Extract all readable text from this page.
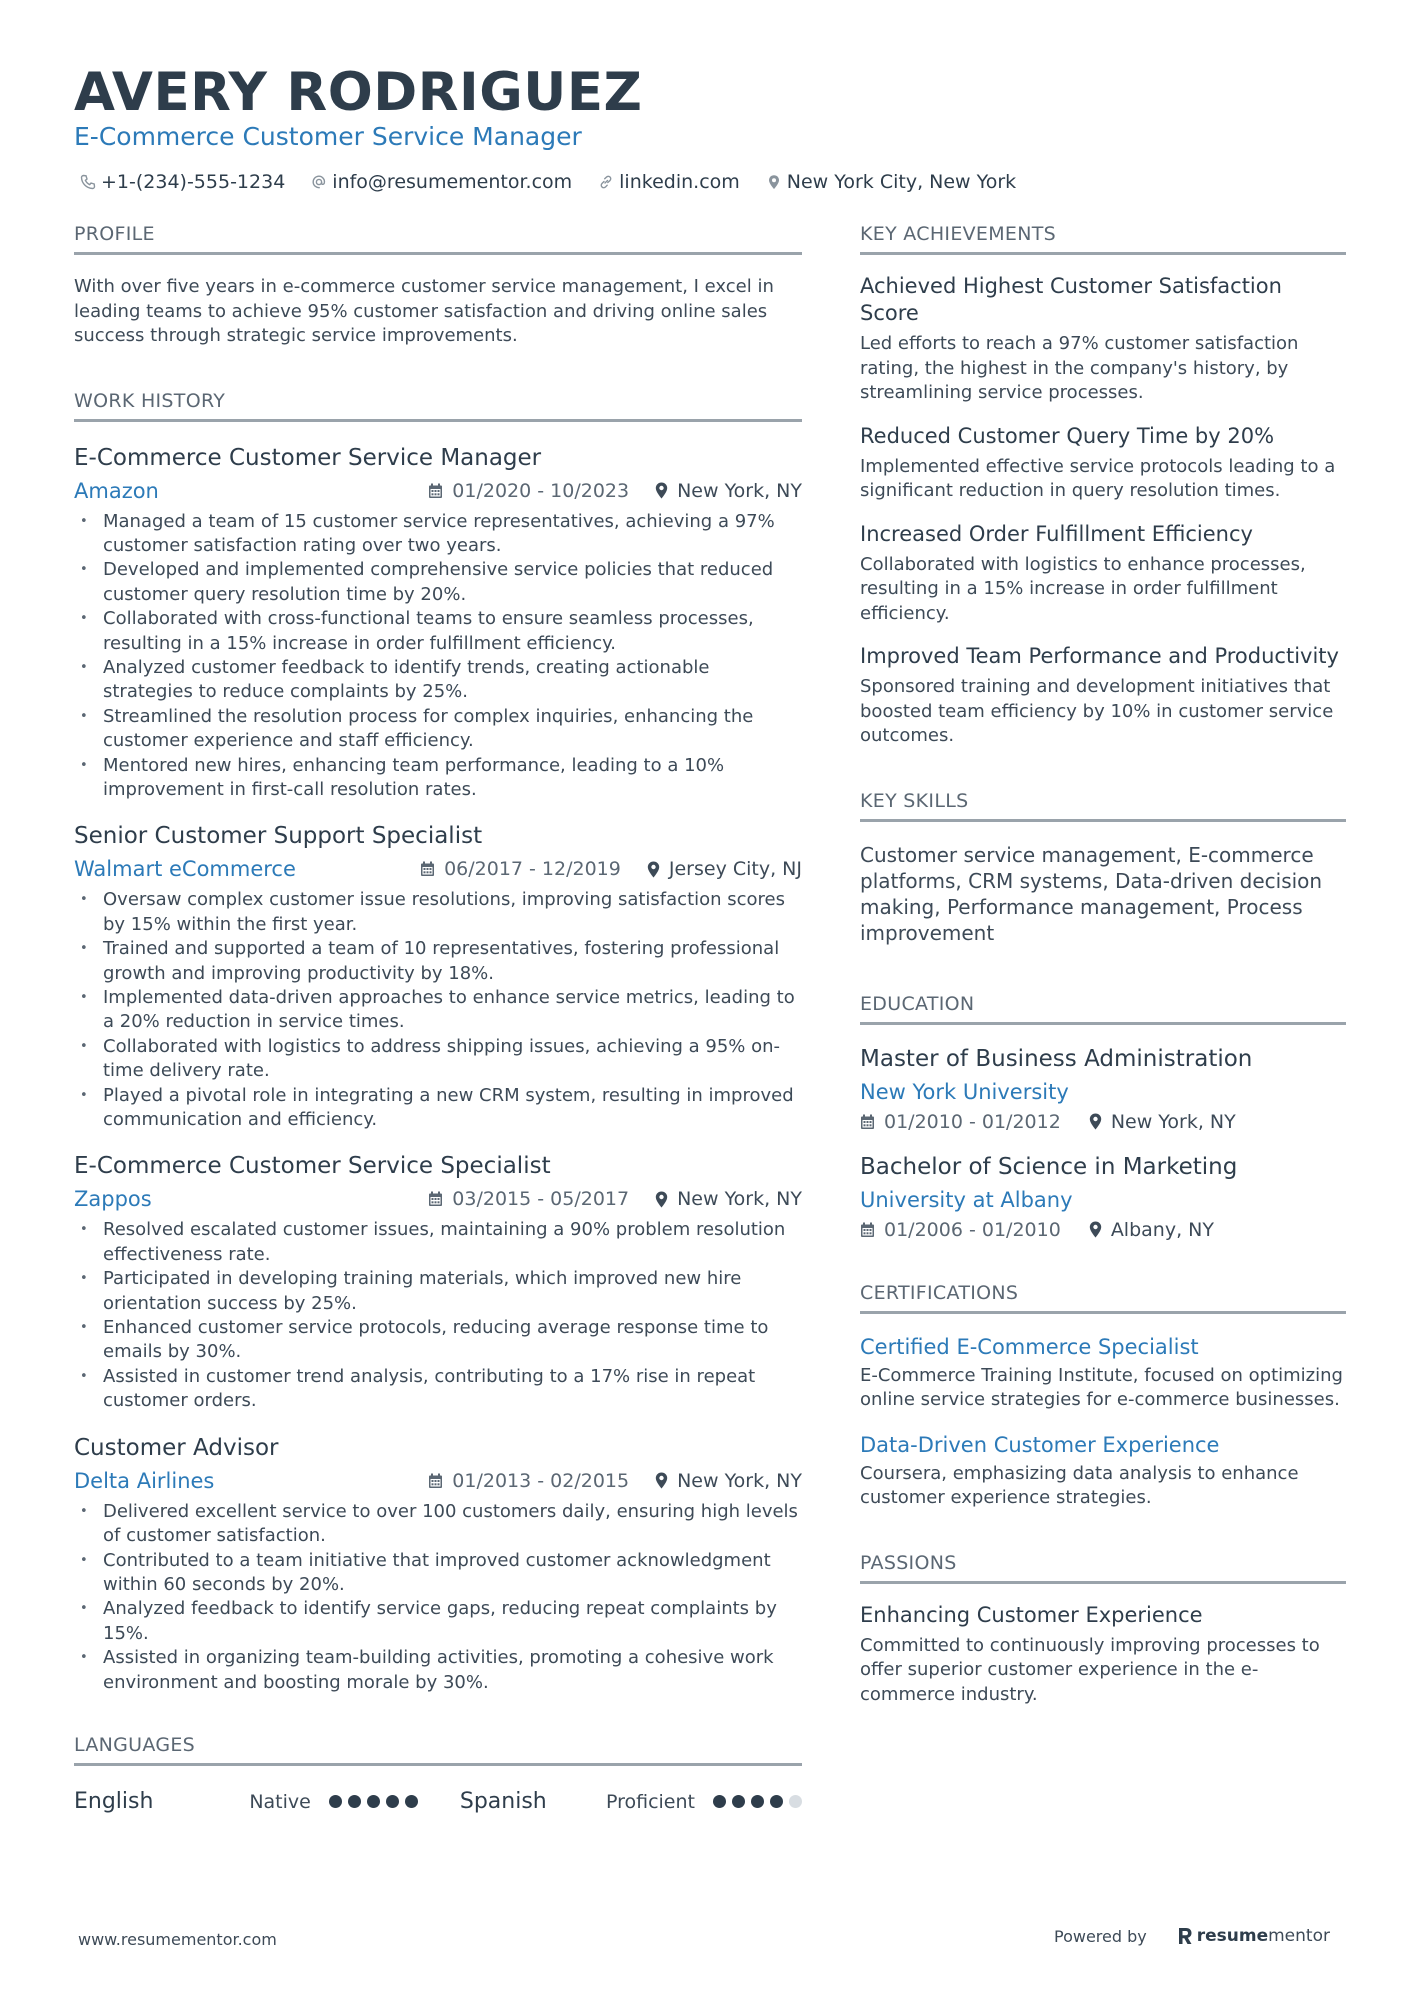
AVERY RODRIGUEZ
E-Commerce Customer Service Manager
+1-(234)-555-1234 info@resumementor.com linkedin.com New York City, New York
PROFILE

With over five years in e-commerce customer service management, I excel in leading teams to achieve 95% customer satisfaction and driving online sales success through strategic service improvements.

WORK HISTORY
E-Commerce Customer Service Manager
Amazon	01/2020 - 10/2023	New York, NY
• Managed a team of 15 customer service representatives, achieving a 97% customer satisfaction rating over two years.
• Developed and implemented comprehensive service policies that reduced customer query resolution time by 20%.
• Collaborated with cross-functional teams to ensure seamless processes, resulting in a 15% increase in order fulfillment efficiency.
• Analyzed customer feedback to identify trends, creating actionable strategies to reduce complaints by 25%.
• Streamlined the resolution process for complex inquiries, enhancing the customer experience and staff efficiency.
• Mentored new hires, enhancing team performance, leading to a 10% improvement in first-call resolution rates.
Senior Customer Support Specialist
Walmart eCommerce	06/2017 - 12/2019	Jersey City, NJ
• Oversaw complex customer issue resolutions, improving satisfaction scores by 15% within the first year.
• Trained and supported a team of 10 representatives, fostering professional growth and improving productivity by 18%.
• Implemented data-driven approaches to enhance service metrics, leading to a 20% reduction in service times.
• Collaborated with logistics to address shipping issues, achieving a 95% on-time delivery rate.
• Played a pivotal role in integrating a new CRM system, resulting in improved communication and efficiency.
E-Commerce Customer Service Specialist
Zappos	03/2015 - 05/2017	New York, NY
• Resolved escalated customer issues, maintaining a 90% problem resolution effectiveness rate.
• Participated in developing training materials, which improved new hire orientation success by 25%.
• Enhanced customer service protocols, reducing average response time to emails by 30%.
• Assisted in customer trend analysis, contributing to a 17% rise in repeat customer orders.
Customer Advisor
Delta Airlines	01/2013 - 02/2015	New York, NY
• Delivered excellent service to over 100 customers daily, ensuring high levels of customer satisfaction.
• Contributed to a team initiative that improved customer acknowledgment within 60 seconds by 20%.
• Analyzed feedback to identify service gaps, reducing repeat complaints by 15%.
• Assisted in organizing team-building activities, promoting a cohesive work environment and boosting morale by 30%.
LANGUAGES
English	Native	Spanish	Proficient
KEY ACHIEVEMENTS
Achieved Highest Customer Satisfaction Score
Led efforts to reach a 97% customer satisfaction rating, the highest in the company's history, by streamlining service processes.
Reduced Customer Query Time by 20%
Implemented effective service protocols leading to a significant reduction in query resolution times.
Increased Order Fulfillment Efficiency
Collaborated with logistics to enhance processes, resulting in a 15% increase in order fulfillment efficiency.
Improved Team Performance and Productivity
Sponsored training and development initiatives that boosted team efficiency by 10% in customer service outcomes.
KEY SKILLS

Customer service management, E-commerce platforms, CRM systems, Data-driven decision making, Performance management, Process improvement

EDUCATION
Master of Business Administration
New York University
01/2010 - 01/2012	New York, NY
Bachelor of Science in Marketing
University at Albany
01/2006 - 01/2010	Albany, NY
CERTIFICATIONS
Certified E-Commerce Specialist
E-Commerce Training Institute, focused on optimizing online service strategies for e-commerce businesses.
Data-Driven Customer Experience
Coursera, emphasizing data analysis to enhance customer experience strategies.
PASSIONS
Enhancing Customer Experience
Committed to continuously improving processes to offer superior customer experience in the e-commerce industry.
www.resumementor.com	Powered by	resumementor
